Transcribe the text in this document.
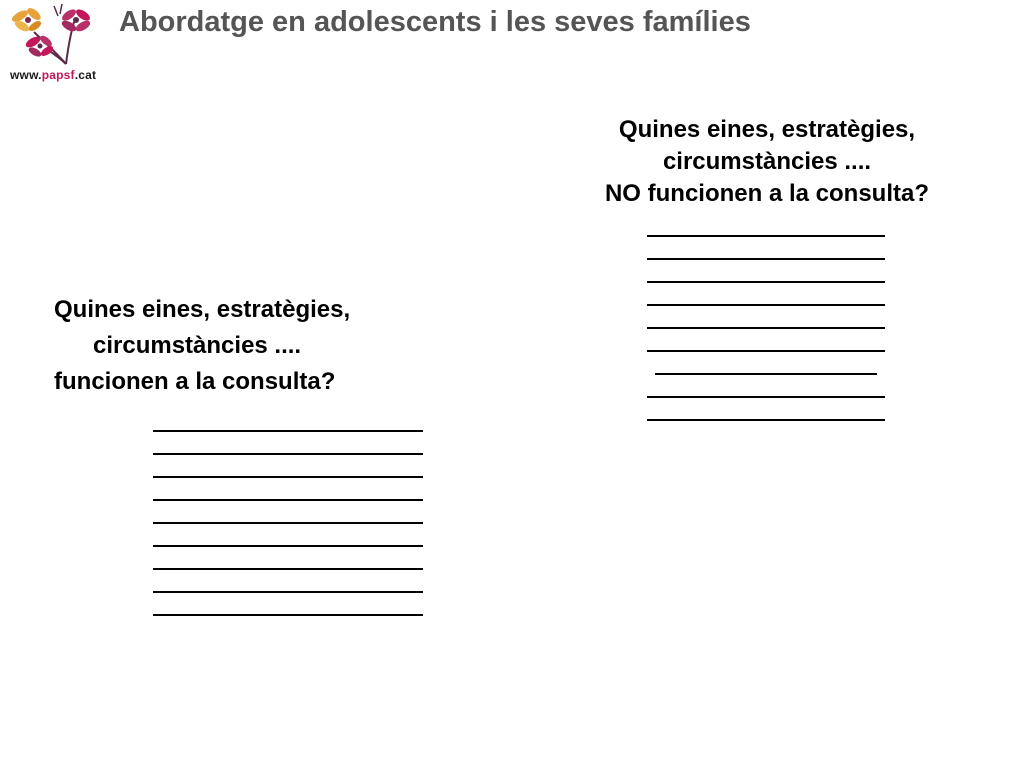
www.papsf.cat
Abordatge en adolescents i les seves famílies
Quines eines, estratègies,
circumstàncies ....
funcionen a la consulta?
Quines eines, estratègies,
circumstàncies ....
NO funcionen a la consulta?
